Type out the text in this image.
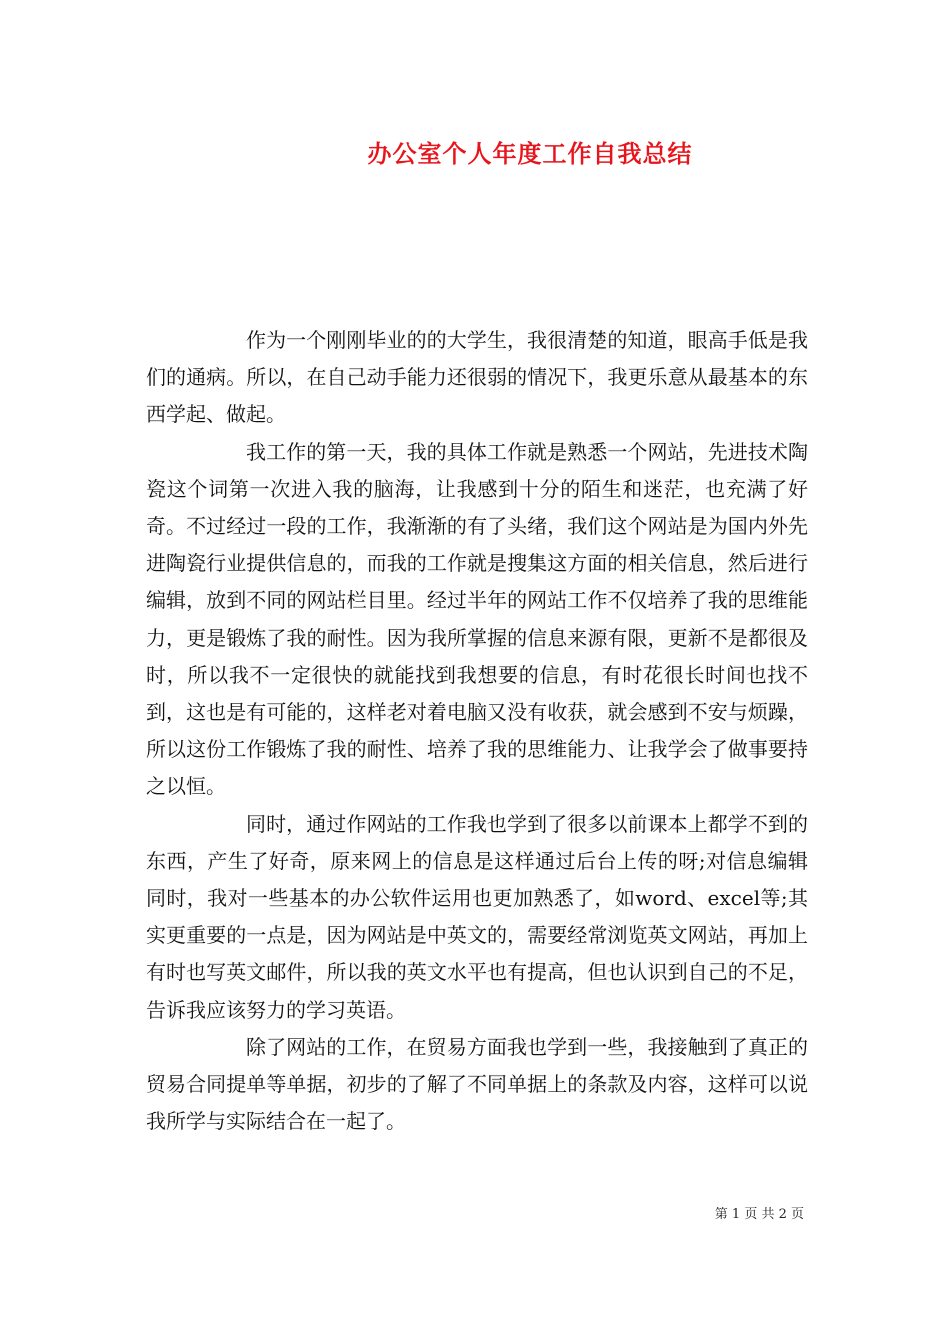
办公室个人年度工作自我总结

作为一个刚刚毕业的的大学生，我很清楚的知道，眼高手低是我们的通病。所以，在自己动手能力还很弱的情况下，我更乐意从最基本的东西学起、做起。

我工作的第一天，我的具体工作就是熟悉一个网站，先进技术陶瓷这个词第一次进入我的脑海，让我感到十分的陌生和迷茫，也充满了好奇。不过经过一段的工作，我渐渐的有了头绪，我们这个网站是为国内外先进陶瓷行业提供信息的，而我的工作就是搜集这方面的相关信息，然后进行编辑，放到不同的网站栏目里。经过半年的网站工作不仅培养了我的思维能力，更是锻炼了我的耐性。因为我所掌握的信息来源有限，更新不是都很及时，所以我不一定很快的就能找到我想要的信息，有时花很长时间也找不到，这也是有可能的，这样老对着电脑又没有收获，就会感到不安与烦躁，所以这份工作锻炼了我的耐性、培养了我的思维能力、让我学会了做事要持之以恒。

同时，通过作网站的工作我也学到了很多以前课本上都学不到的东西，产生了好奇，原来网上的信息是这样通过后台上传的呀;对信息编辑同时，我对一些基本的办公软件运用也更加熟悉了，如word、excel等;其实更重要的一点是，因为网站是中英文的，需要经常浏览英文网站，再加上有时也写英文邮件，所以我的英文水平也有提高，但也认识到自己的不足，告诉我应该努力的学习英语。

除了网站的工作，在贸易方面我也学到一些，我接触到了真正的贸易合同提单等单据，初步的了解了不同单据上的条款及内容，这样可以说我所学与实际结合在一起了。

第 1 页 共 2 页
